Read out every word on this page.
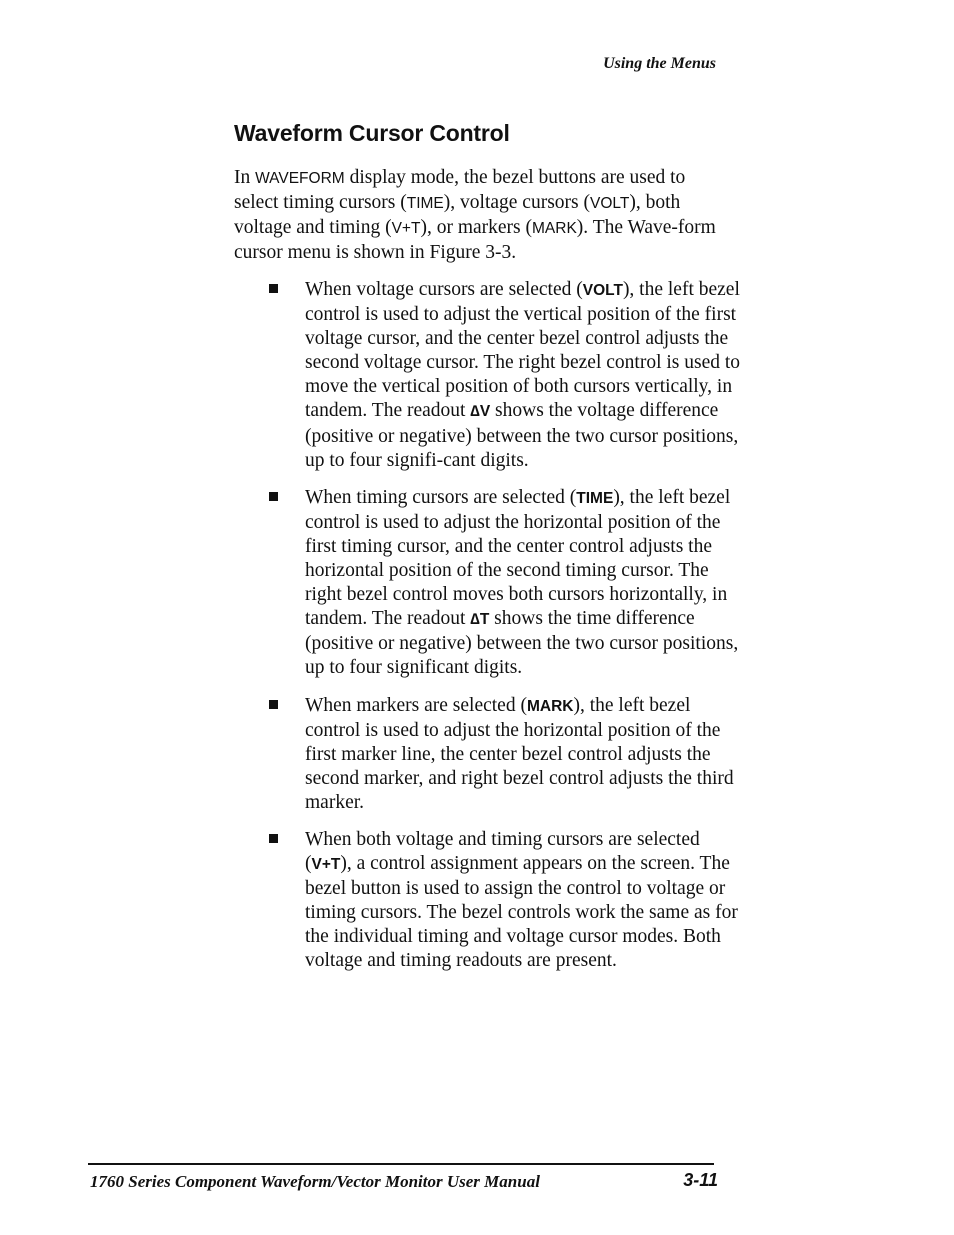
Using the Menus
Waveform Cursor Control
In WAVEFORM display mode, the bezel buttons are used to select timing cursors (TIME), voltage cursors (VOLT), both voltage and timing (V+T), or markers (MARK). The Wave-form cursor menu is shown in Figure 3-3.
When voltage cursors are selected (VOLT), the left bezel control is used to adjust the vertical position of the first voltage cursor, and the center bezel control adjusts the second voltage cursor. The right bezel control is used to move the vertical position of both cursors vertically, in tandem. The readout ∆V shows the voltage difference (positive or negative) between the two cursor positions, up to four signifi-cant digits.
When timing cursors are selected (TIME), the left bezel control is used to adjust the horizontal position of the first timing cursor, and the center control adjusts the horizontal position of the second timing cursor. The right bezel control moves both cursors horizontally, in tandem. The readout ∆T shows the time difference (positive or negative) between the two cursor positions, up to four significant digits.
When markers are selected (MARK), the left bezel control is used to adjust the horizontal position of the first marker line, the center bezel control adjusts the second marker, and right bezel control adjusts the third marker.
When both voltage and timing cursors are selected (V+T), a control assignment appears on the screen. The bezel button is used to assign the control to voltage or timing cursors. The bezel controls work the same as for the individual timing and voltage cursor modes. Both voltage and timing readouts are present.
1760 Series Component Waveform/Vector Monitor User Manual	3-11
